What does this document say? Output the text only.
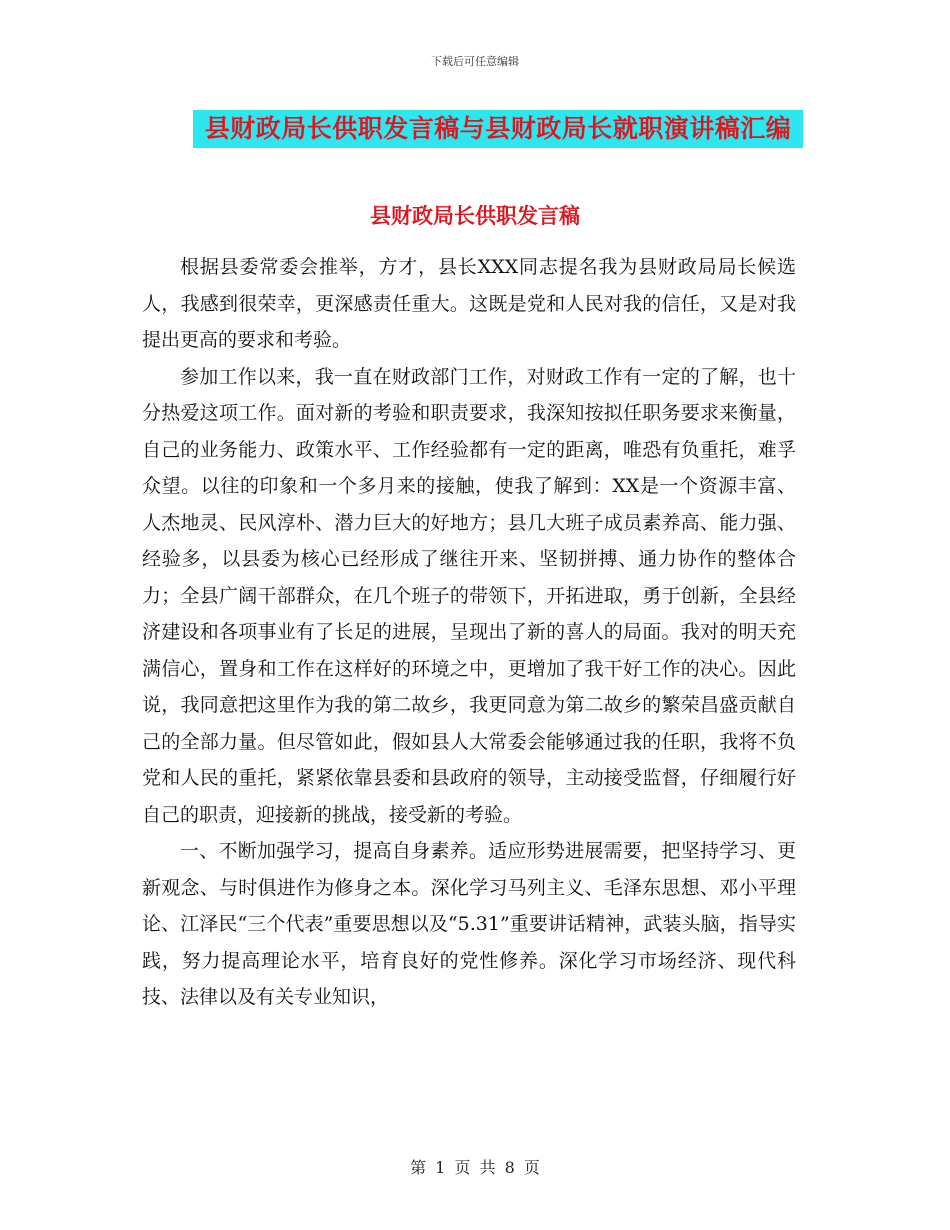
下载后可任意编辑
县财政局长供职发言稿与县财政局长就职演讲稿汇编
县财政局长供职发言稿

根据县委常委会推举，方才，县长XXX同志提名我为县财政局局长候选人，我感到很荣幸，更深感责任重大。这既是党和人民对我的信任，又是对我提出更高的要求和考验。

参加工作以来，我一直在财政部门工作，对财政工作有一定的了解，也十分热爱这项工作。面对新的考验和职责要求，我深知按拟任职务要求来衡量，自己的业务能力、政策水平、工作经验都有一定的距离，唯恐有负重托，难孚众望。以往的印象和一个多月来的接触，使我了解到：XX是一个资源丰富、人杰地灵、民风淳朴、潜力巨大的好地方；县几大班子成员素养高、能力强、经验多，以县委为核心已经形成了继往开来、坚韧拼搏、通力协作的整体合力；全县广阔干部群众，在几个班子的带领下，开拓进取，勇于创新，全县经济建设和各项事业有了长足的进展，呈现出了新的喜人的局面。我对的明天充满信心，置身和工作在这样好的环境之中，更增加了我干好工作的决心。因此说，我同意把这里作为我的第二故乡，我更同意为第二故乡的繁荣昌盛贡献自己的全部力量。但尽管如此，假如县人大常委会能够通过我的任职，我将不负党和人民的重托，紧紧依靠县委和县政府的领导，主动接受监督，仔细履行好自己的职责，迎接新的挑战，接受新的考验。

一、不断加强学习，提高自身素养。适应形势进展需要，把坚持学习、更新观念、与时俱进作为修身之本。深化学习马列主义、毛泽东思想、邓小平理论、江泽民“三个代表”重要思想以及“5.31”重要讲话精神，武装头脑，指导实践，努力提高理论水平，培育良好的党性修养。深化学习市场经济、现代科技、法律以及有关专业知识，

第 1 页 共 8 页
